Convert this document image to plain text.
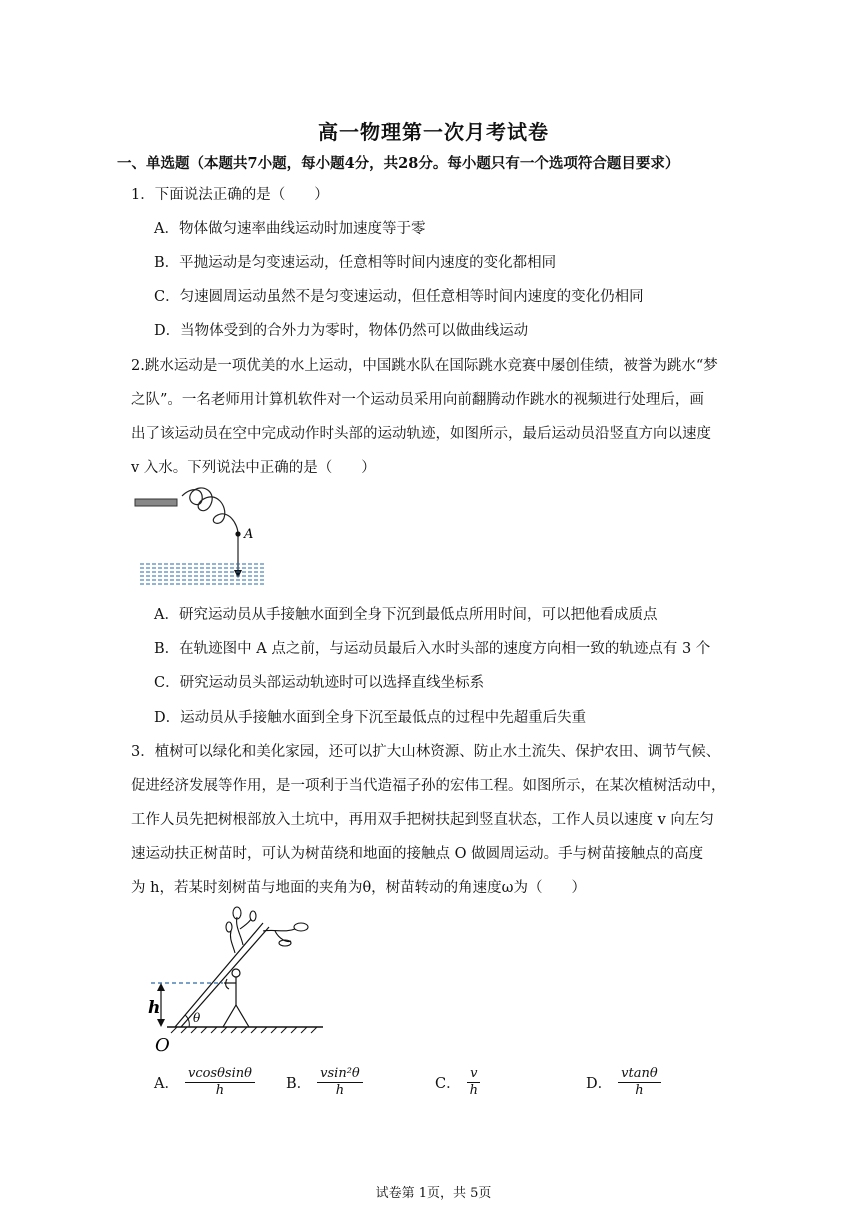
高一物理第一次月考试卷
一、单选题（本题共7小题，每小题4分，共28分。每小题只有一个选项符合题目要求）
1．下面说法正确的是（　　）
A．物体做匀速率曲线运动时加速度等于零
B．平抛运动是匀变速运动，任意相等时间内速度的变化都相同
C．匀速圆周运动虽然不是匀变速运动，但任意相等时间内速度的变化仍相同
D．当物体受到的合外力为零时，物体仍然可以做曲线运动
2.跳水运动是一项优美的水上运动，中国跳水队在国际跳水竞赛中屡创佳绩，被誉为跳水“梦
之队”。一名老师用计算机软件对一个运动员采用向前翻腾动作跳水的视频进行处理后，画
出了该运动员在空中完成动作时头部的运动轨迹，如图所示，最后运动员沿竖直方向以速度
v 入水。下列说法中正确的是（　　）
A
A．研究运动员从手接触水面到全身下沉到最低点所用时间，可以把他看成质点
B．在轨迹图中 A 点之前，与运动员最后入水时头部的速度方向相一致的轨迹点有 3 个
C．研究运动员头部运动轨迹时可以选择直线坐标系
D．运动员从手接触水面到全身下沉至最低点的过程中先超重后失重
3．植树可以绿化和美化家园，还可以扩大山林资源、防止水土流失、保护农田、调节气候、
促进经济发展等作用，是一项利于当代造福子孙的宏伟工程。如图所示，在某次植树活动中，
工作人员先把树根部放入土坑中，再用双手把树扶起到竖直状态，工作人员以速度 v 向左匀
速运动扶正树苗时，可认为树苗绕和地面的接触点 O 做圆周运动。手与树苗接触点的高度
为 h，若某时刻树苗与地面的夹角为θ，树苗转动的角速度ω为（　　）
h	θ
O
A． $\frac{vcos\theta\sin\theta}{h}$ B． $\frac{\text{vsin²θ}}{h}$	C． $\frac{v}{h}$	D． $\frac{vtan\theta}{h}$
试卷第 1页，共 5页
